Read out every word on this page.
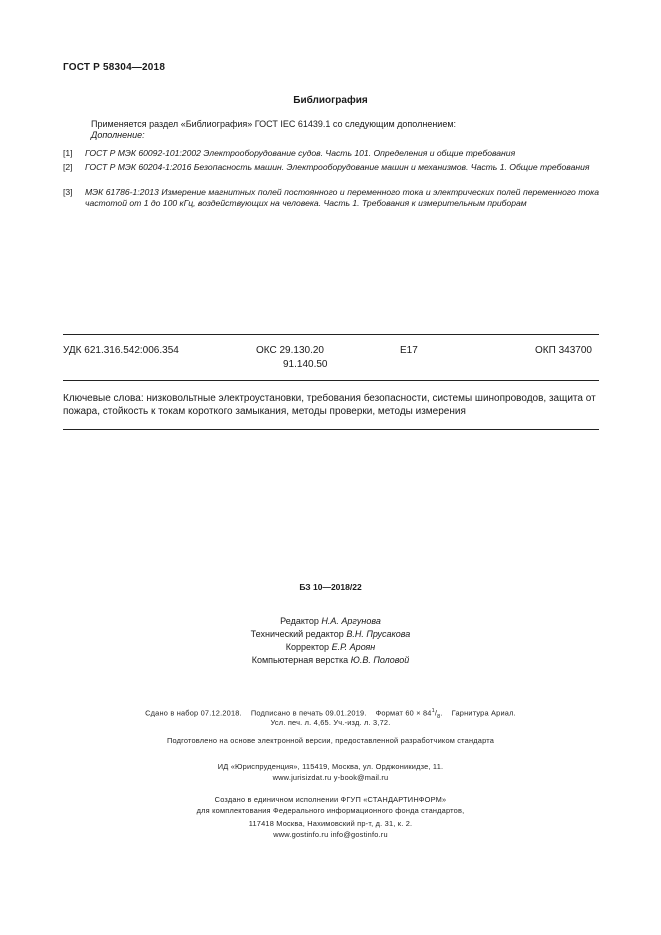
ГОСТ Р 58304—2018
Библиография
Применяется раздел «Библиография» ГОСТ IEC 61439.1 со следующим дополнением:
Дополнение:
[1] ГОСТ Р МЭК 60092-101:2002 Электрооборудование судов. Часть 101. Определения и общие требования
[2] ГОСТ Р МЭК 60204-1:2016 Безопасность машин. Электрооборудование машин и механизмов. Часть 1. Общие требования
[3] МЭК 61786-1:2013 Измерение магнитных полей постоянного и переменного тока и электрических полей переменного тока частотой от 1 до 100 кГц, воздействующих на человека. Часть 1. Требования к измерительным приборам
УДК 621.316.542:006.354	ОКС 29.130.20
91.140.50
Е17	ОКП 343700
Ключевые слова: низковольтные электроустановки, требования безопасности, системы шинопроводов, защита от пожара, стойкость к токам короткого замыкания, методы проверки, методы измерения
БЗ 10—2018/22
Редактор Н.А. Аргунова
Технический редактор В.Н. Прусакова
Корректор Е.Р. Ароян
Компьютерная верстка Ю.В. Половой
Сдано в набор 07.12.2018. Подписано в печать 09.01.2019. Формат $60 \times 84^1/_8$.    Гарнитура Ариал.
Усл. печ. л. 4,65. Уч.-изд. л. 3,72.
Подготовлено на основе электронной версии, предоставленной разработчиком стандарта
ИД «Юриспруденция», 115419, Москва, ул. Орджоникидзе, 11.
www.jurisizdat.ru y-book@mail.ru
Создано в единичном исполнении ФГУП «СТАНДАРТИНФОРМ»
для комплектования Федерального информационного фонда стандартов,
117418 Москва, Нахимовский пр-т, д. 31, к. 2.
www.gostinfo.ru info@gostinfo.ru
